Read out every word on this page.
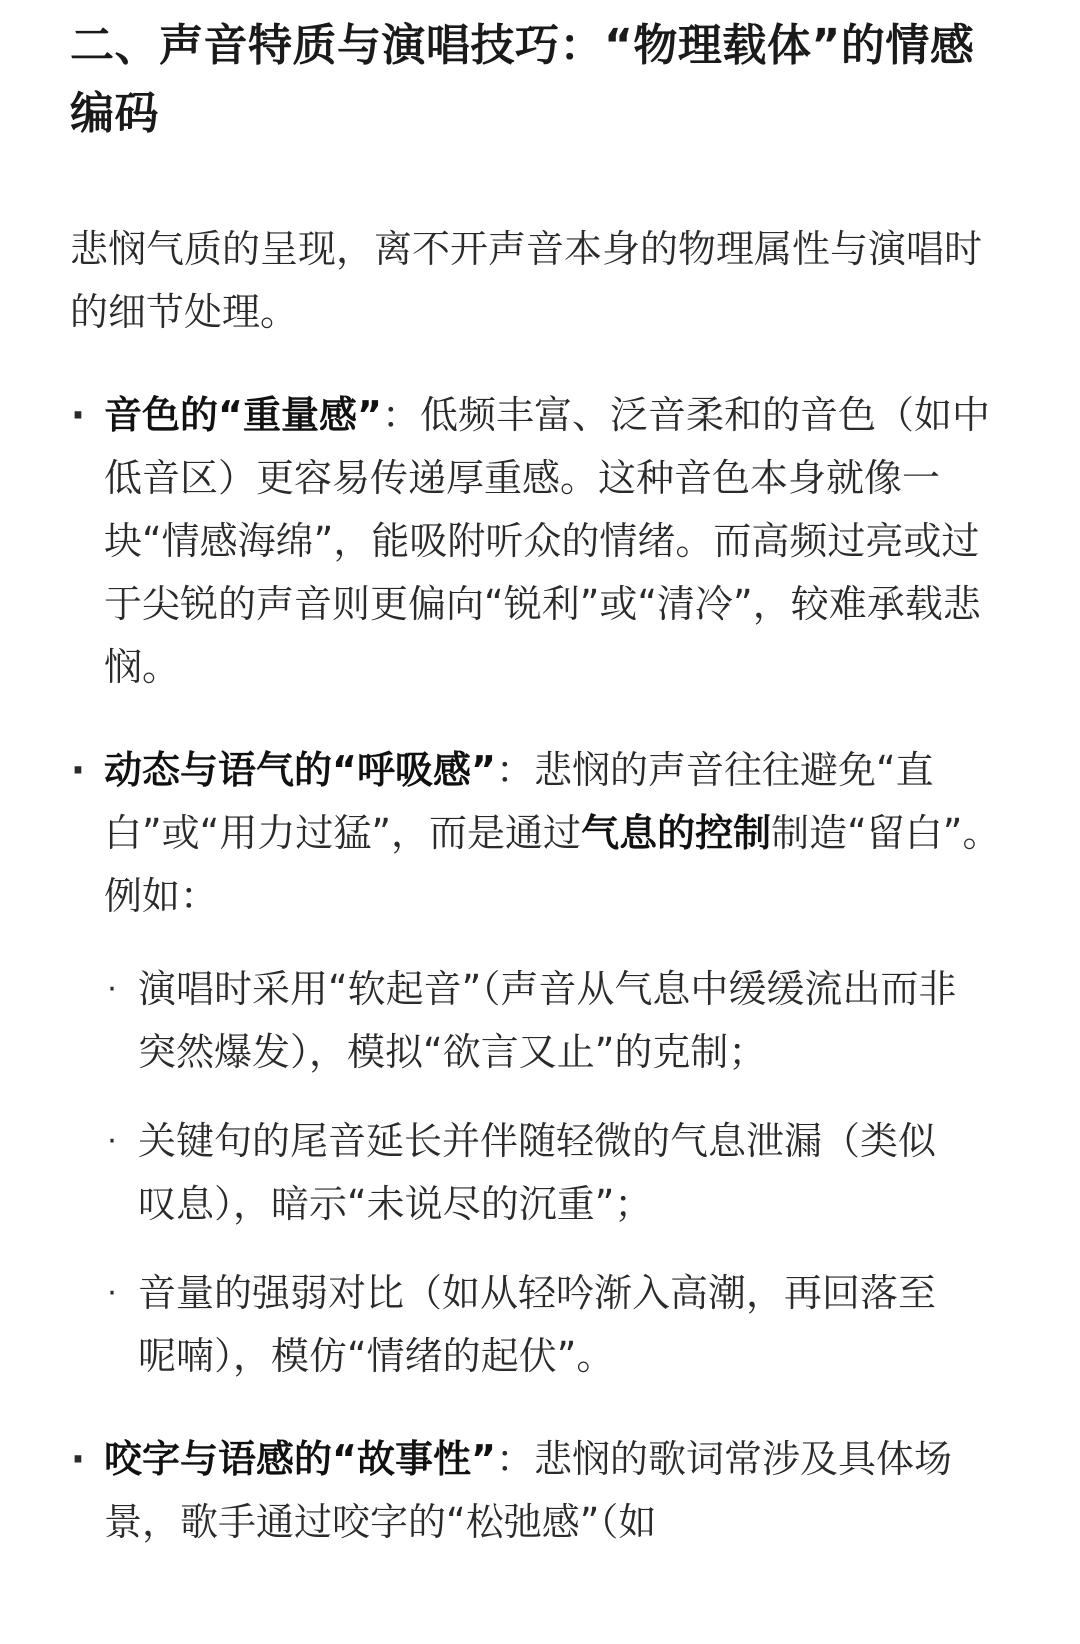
二、声音特质与演唱技巧：“物理载体”的情感编码

悲悯气质的呈现，离不开声音本身的物理属性与演唱时的细节处理。

· 音色的“重量感”：低频丰富、泛音柔和的音色（如中低音区）更容易传递厚重感。这种音色本身就像一块“情感海绵”，能吸附听众的情绪。而高频过亮或过于尖锐的声音则更偏向“锐利”或“清冷”，较难承载悲悯。
· 动态与语气的“呼吸感”：悲悯的声音往往避免“直白”或“用力过猛”，而是通过气息的控制制造“留白”。例如：
· 演唱时采用“软起音”（声音从气息中缓缓流出而非突然爆发），模拟“欲言又止”的克制；
· 关键句的尾音延长并伴随轻微的气息泄漏（类似叹息），暗示“未说尽的沉重”；
· 音量的强弱对比（如从轻吟渐入高潮，再回落至呢喃），模仿“情绪的起伏”。
· 咬字与语感的“故事性”：悲悯的歌词常涉及具体场景，歌手通过咬字的“松弛感”（如
